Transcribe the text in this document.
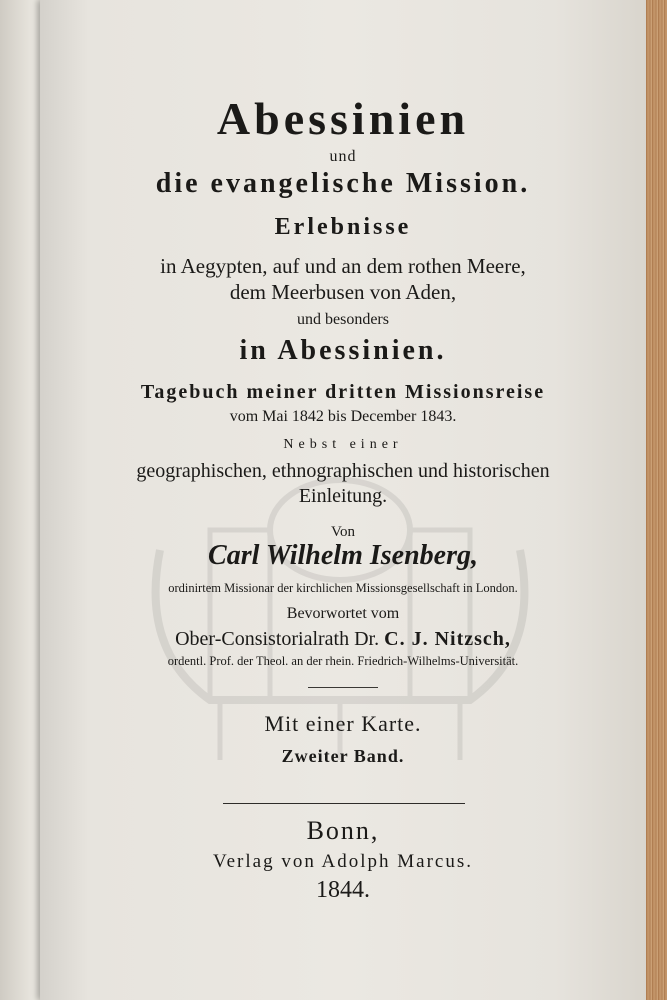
Abessinien
und
die evangelische Mission.
Erlebnisse
in Aegypten, auf und an dem rothen Meere,
dem Meerbusen von Aden,
und besonders
in Abessinien.
Tagebuch meiner dritten Missionsreise
vom Mai 1842 bis December 1843.
Nebst einer
geographischen, ethnographischen und historischen
Einleitung.
Von
Carl Wilhelm Isenberg,
ordinirtem Missionar der kirchlichen Missionsgesellschaft in London.
Bevorwortet vom
Ober-Consistorialrath Dr. C. J. Nitzsch,
ordentl. Prof. der Theol. an der rhein. Friedrich-Wilhelms-Universität.
Mit einer Karte.
Zweiter Band.
Bonn,
Verlag von Adolph Marcus.
1844.
